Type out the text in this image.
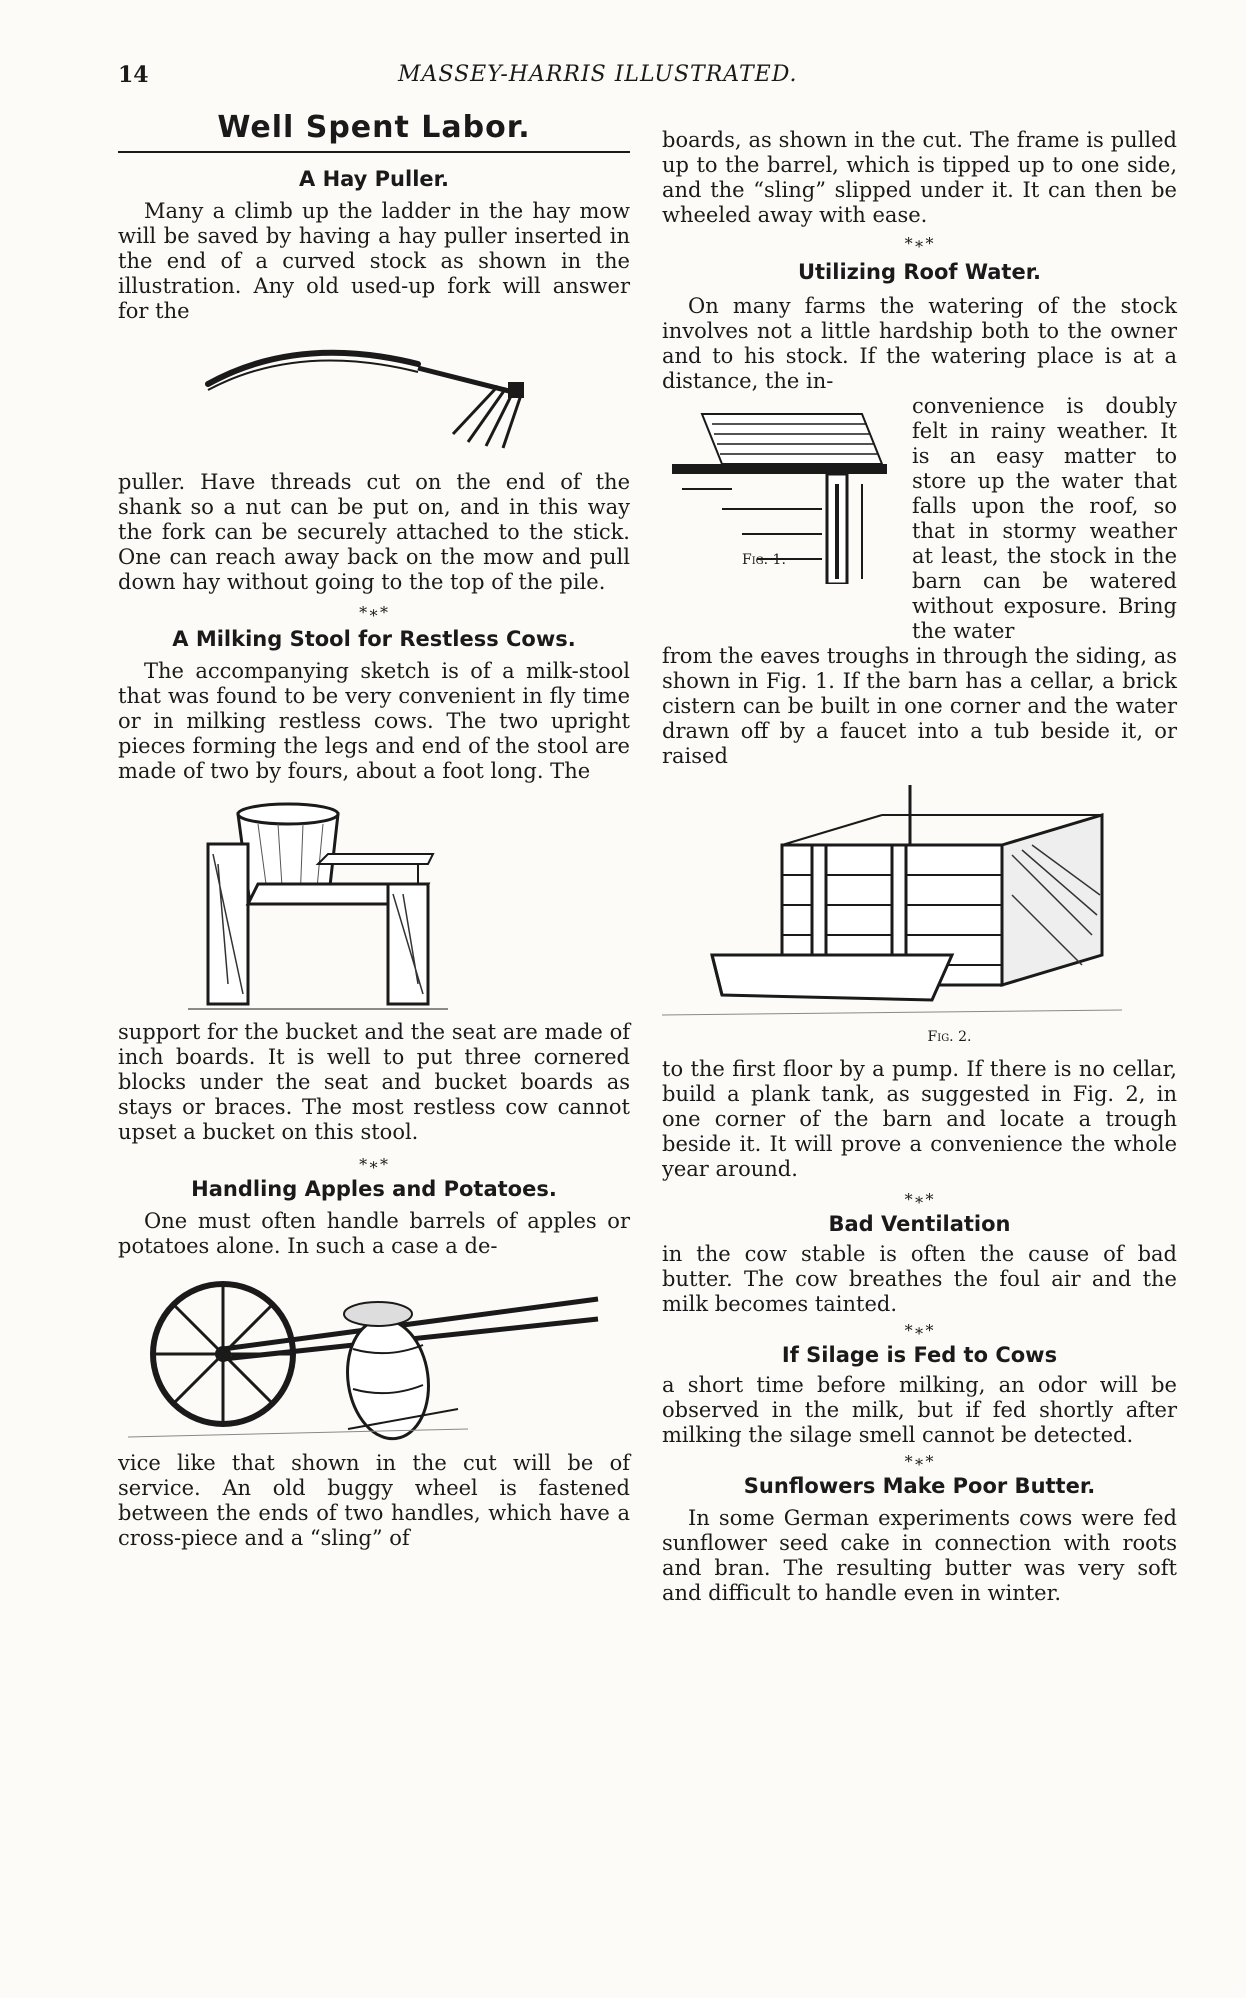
14	MASSEY-HARRIS ILLUSTRATED.
Well Spent Labor.
A Hay Puller.

Many a climb up the ladder in the hay mow will be saved by having a hay puller inserted in the end of a curved stock as shown in the illustration. Any old used-up fork will answer for the

puller. Have threads cut on the end of the shank so a nut can be put on, and in this way the fork can be securely attached to the stick. One can reach away back on the mow and pull down hay without going to the top of the pile.

*∗*
A Milking Stool for Restless Cows.

The accompanying sketch is of a milk-stool that was found to be very convenient in fly time or in milking restless cows. The two upright pieces forming the legs and end of the stool are made of two by fours, about a foot long. The

support for the bucket and the seat are made of inch boards. It is well to put three cornered blocks under the seat and bucket boards as stays or braces. The most restless cow cannot upset a bucket on this stool.

*∗*
Handling Apples and Potatoes.

One must often handle barrels of apples or potatoes alone. In such a case a de-

vice like that shown in the cut will be of service. An old buggy wheel is fastened between the ends of two handles, which have a cross-piece and a “sling” of

boards, as shown in the cut. The frame is pulled up to the barrel, which is tipped up to one side, and the “sling” slipped under it. It can then be wheeled away with ease.

*∗*
Utilizing Roof Water.

On many farms the watering of the stock involves not a little hardship both to the owner and to his stock. If the watering place is at a distance, the in-

Fig. 1.

convenience is doubly felt in rainy weather. It is an easy matter to store up the water that falls upon the roof, so that in stormy weather at least, the stock in the barn can be watered without exposure. Bring the water

from the eaves troughs in through the siding, as shown in Fig. 1. If the barn has a cellar, a brick cistern can be built in one corner and the water drawn off by a faucet into a tub beside it, or raised

Fig. 2.

to the first floor by a pump. If there is no cellar, build a plank tank, as suggested in Fig. 2, in one corner of the barn and locate a trough beside it. It will prove a convenience the whole year around.

*∗*
Bad Ventilation

in the cow stable is often the cause of bad butter. The cow breathes the foul air and the milk becomes tainted.

*∗*
If Silage is Fed to Cows

a short time before milking, an odor will be observed in the milk, but if fed shortly after milking the silage smell cannot be detected.

*∗*
Sunflowers Make Poor Butter.

In some German experiments cows were fed sunflower seed cake in connection with roots and bran. The resulting butter was very soft and difficult to handle even in winter.
